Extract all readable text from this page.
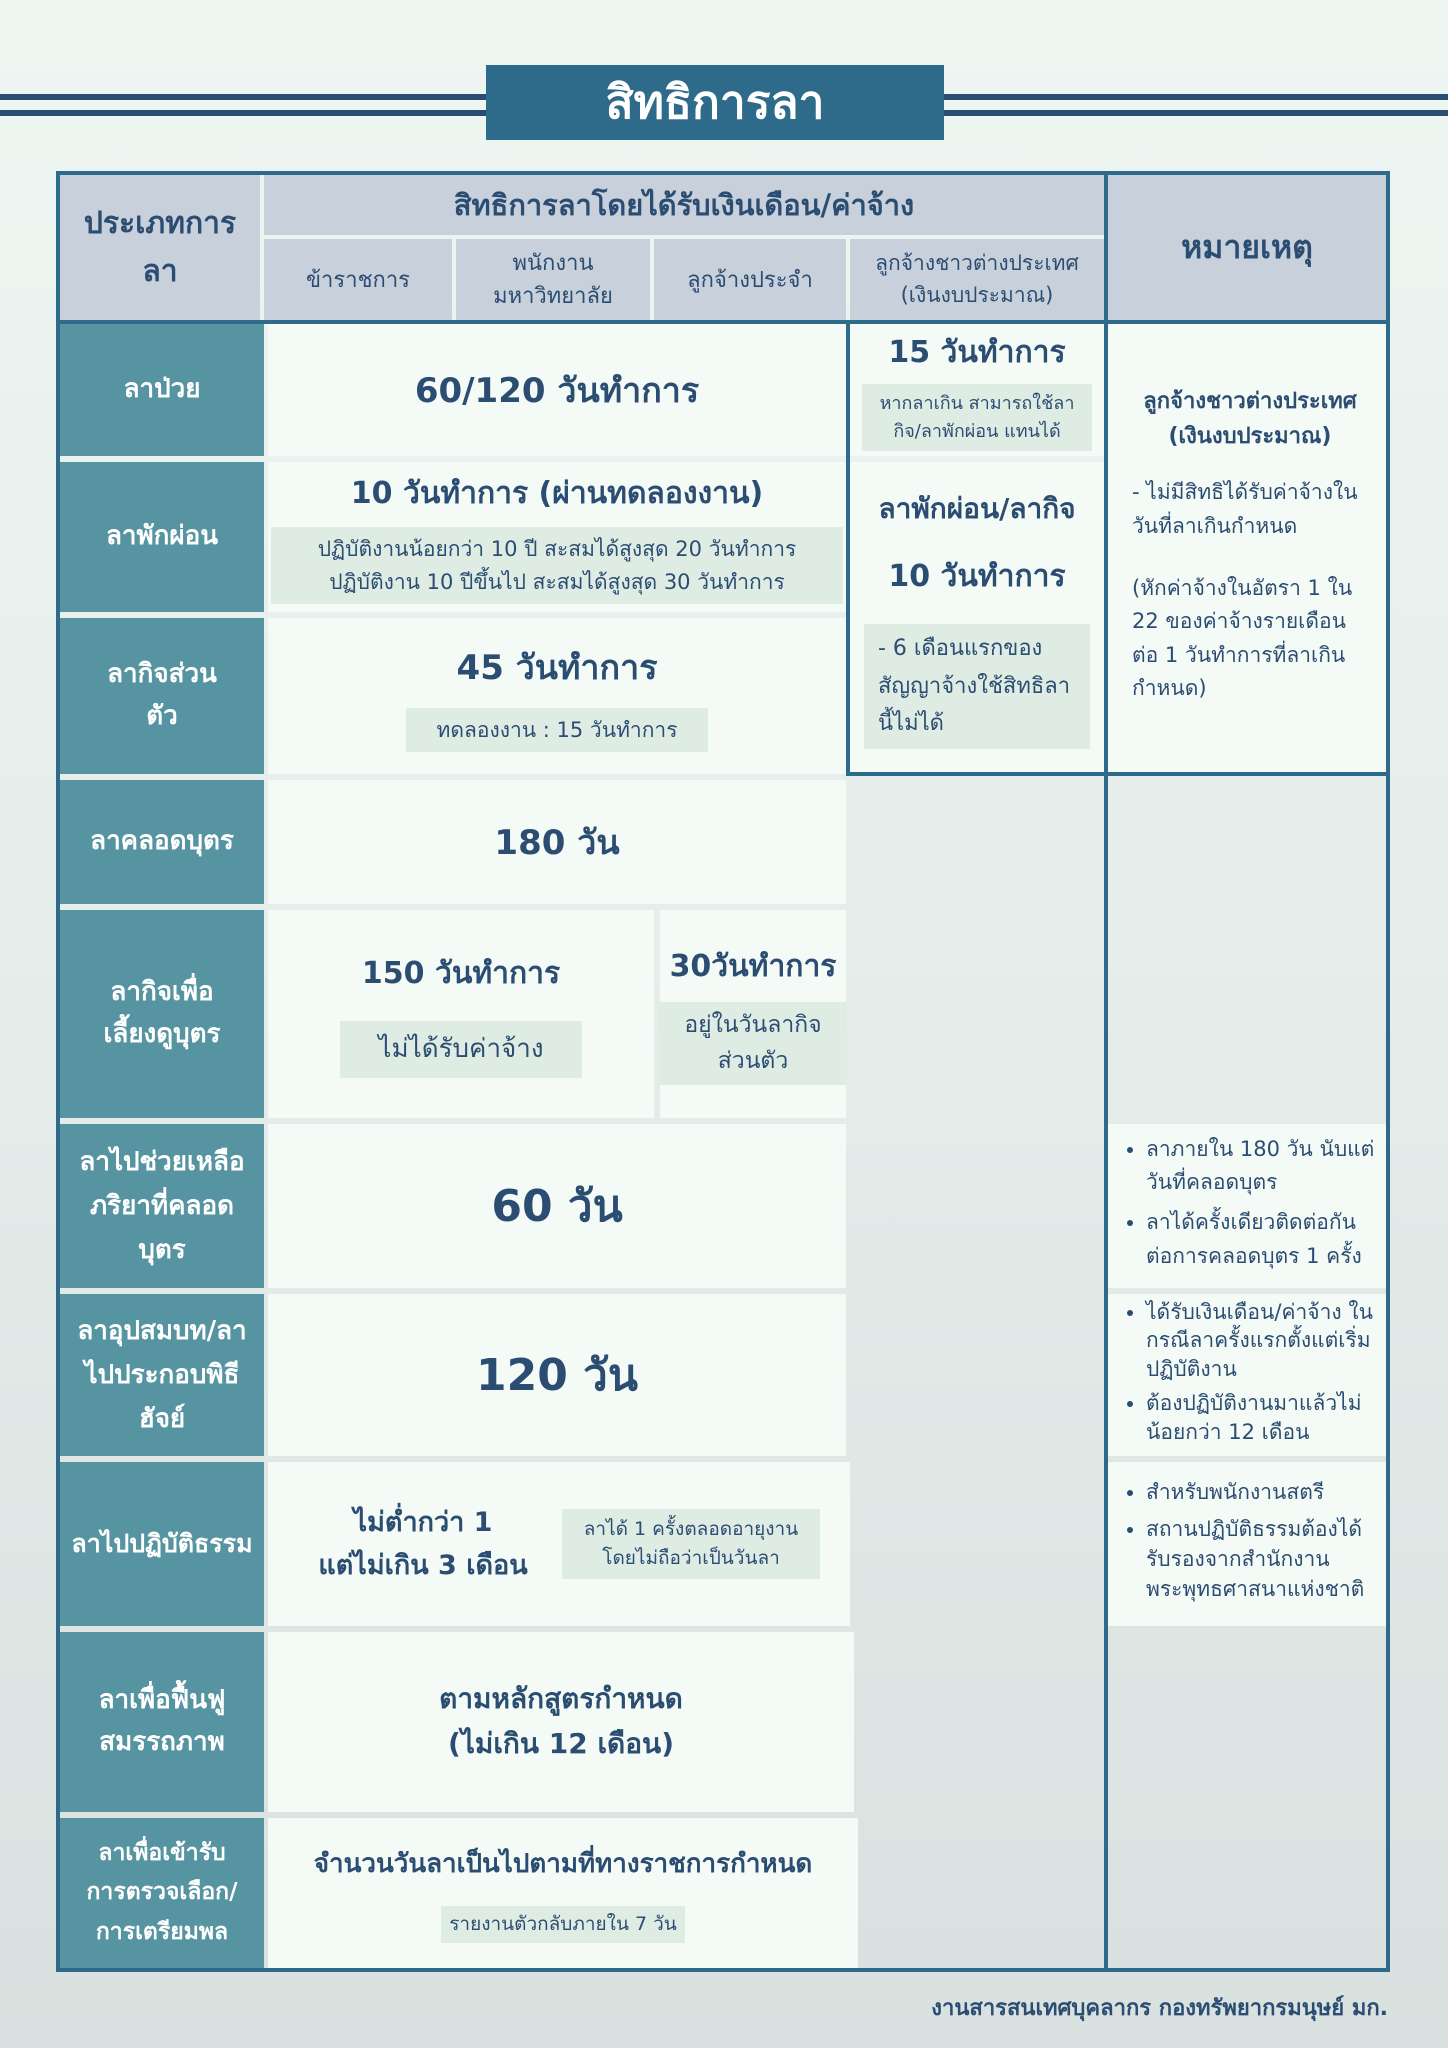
สิทธิการลา
ประเภทการลา
สิทธิการลาโดยได้รับเงินเดือน/ค่าจ้าง
ข้าราชการ
พนักงานมหาวิทยาลัย
ลูกจ้างประจำ
ลูกจ้างชาวต่างประเทศ (เงินงบประมาณ)
หมายเหตุ
ลาป่วย
ลาพักผ่อน
ลากิจส่วนตัว
ลาคลอดบุตร
ลากิจเพื่อเลี้ยงดูบุตร
ลาไปช่วยเหลือภริยาที่คลอดบุตร
ลาอุปสมบท/ลาไปประกอบพิธีฮัจย์
ลาไปปฏิบัติธรรม
ลาเพื่อฟื้นฟูสมรรถภาพ
ลาเพื่อเข้ารับการตรวจเลือก/การเตรียมพล
60/120 วันทำการ
15 วันทำการ
หากลาเกิน สามารถใช้ลากิจ/ลาพักผ่อน แทนได้
10 วันทำการ (ผ่านทดลองงาน)
ปฏิบัติงานน้อยกว่า 10 ปี สะสมได้สูงสุด 20 วันทำการ
ปฏิบัติงาน 10 ปีขึ้นไป สะสมได้สูงสุด 30 วันทำการ
ลาพักผ่อน/ลากิจ
10 วันทำการ
- 6 เดือนแรกของสัญญาจ้างใช้สิทธิลานี้ไม่ได้
45 วันทำการ
ทดลองงาน : 15 วันทำการ
180 วัน
150 วันทำการ
ไม่ได้รับค่าจ้าง
30วันทำการ
อยู่ในวันลากิจส่วนตัว
60 วัน
120 วัน
ไม่ต่ำกว่า 1
แต่ไม่เกิน 3 เดือน
ลาได้ 1 ครั้งตลอดอายุงาน โดยไม่ถือว่าเป็นวันลา
ตามหลักสูตรกำหนด
(ไม่เกิน 12 เดือน)
จำนวนวันลาเป็นไปตามที่ทางราชการกำหนด
รายงานตัวกลับภายใน 7 วัน
ลูกจ้างชาวต่างประเทศ (เงินงบประมาณ)
- ไม่มีสิทธิได้รับค่าจ้างในวันที่ลาเกินกำหนด
(หักค่าจ้างในอัตรา 1 ใน 22 ของค่าจ้างรายเดือนต่อ 1 วันทำการที่ลาเกินกำหนด)
• ลาภายใน 180 วัน นับแต่วันที่คลอดบุตร
• ลาได้ครั้งเดียวติดต่อกันต่อการคลอดบุตร 1 ครั้ง
• ได้รับเงินเดือน/ค่าจ้าง ในกรณีลาครั้งแรกตั้งแต่เริ่มปฏิบัติงาน
• ต้องปฏิบัติงานมาแล้วไม่น้อยกว่า 12 เดือน
• สำหรับพนักงานสตรี
• สถานปฏิบัติธรรมต้องได้รับรองจากสำนักงานพระพุทธศาสนาแห่งชาติ
งานสารสนเทศบุคลากร กองทรัพยากรมนุษย์ มก.
